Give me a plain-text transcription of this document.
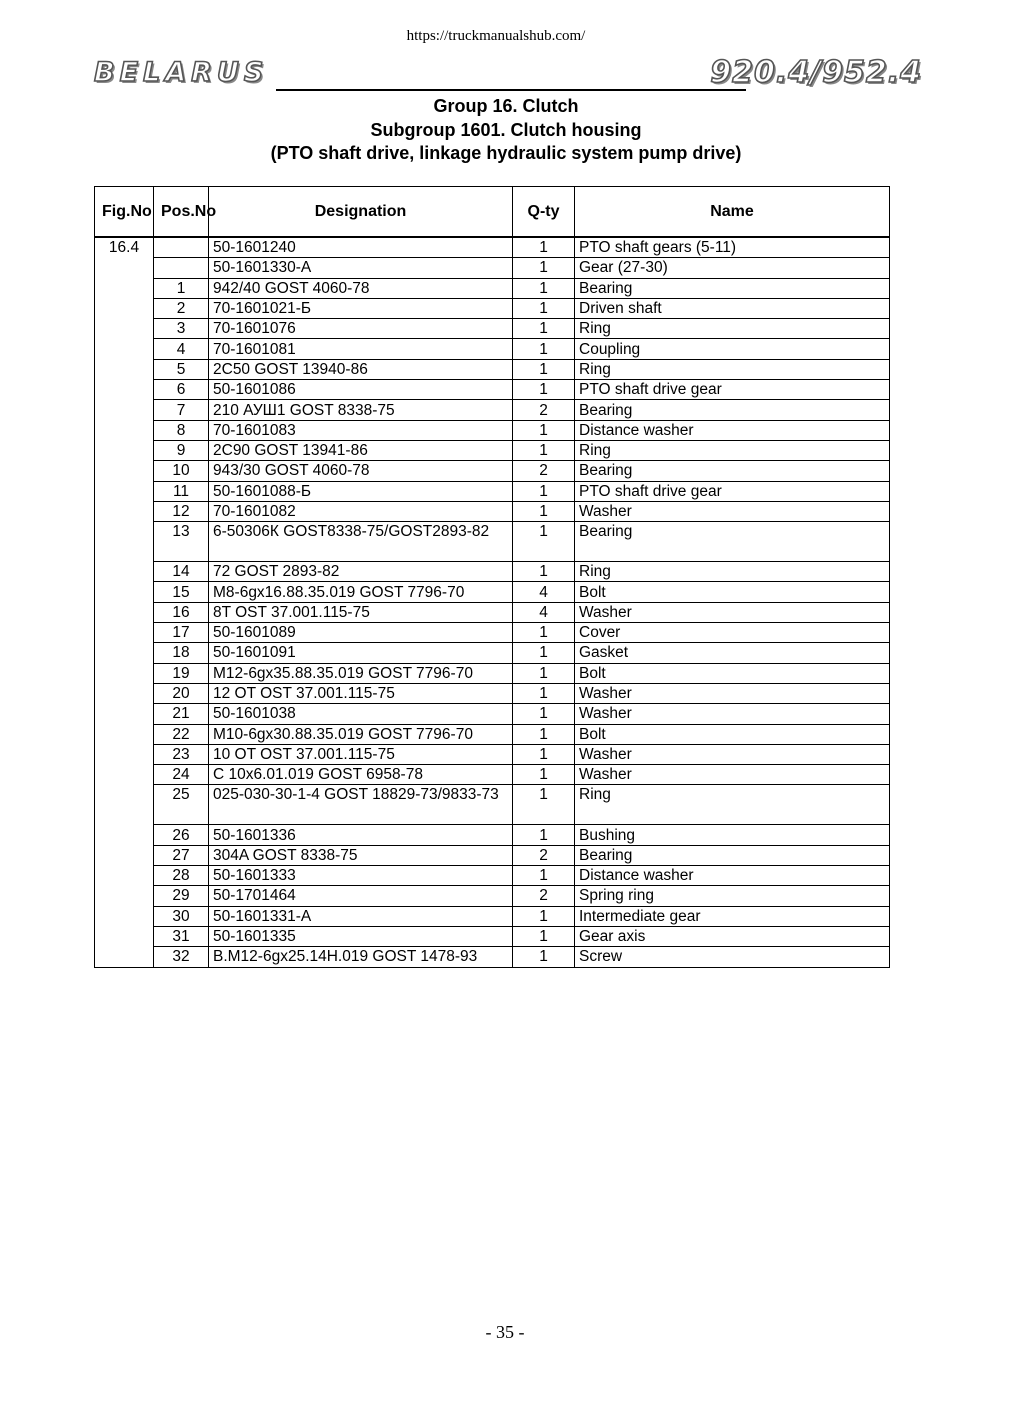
https://truckmanualshub.com/
BELARUS	920.4/952.4
Group 16. Clutch
Subgroup 1601. Clutch housing
(PTO shaft drive, linkage hydraulic system pump drive)
Fig.No	Pos.No	Designation	Q-ty	Name
16.4		50-1601240	1	PTO shaft gears (5-11)
		50-1601330-A	1	Gear (27-30)
	1	942/40 GOST 4060-78	1	Bearing
	2	70-1601021-Б	1	Driven shaft
	3	70-1601076	1	Ring
	4	70-1601081	1	Coupling
	5	2C50 GOST 13940-86	1	Ring
	6	50-1601086	1	PTO shaft drive gear
	7	210 АУШ1 GOST 8338-75	2	Bearing
	8	70-1601083	1	Distance washer
	9	2C90 GOST 13941-86	1	Ring
	10	943/30 GOST 4060-78	2	Bearing
	11	50-1601088-Б	1	PTO shaft drive gear
	12	70-1601082	1	Washer
	13	6-50306К GOST8338-75/GOST2893-82	1	Bearing
	14	72 GOST 2893-82	1	Ring
	15	M8-6gx16.88.35.019 GOST 7796-70	4	Bolt
	16	8T OST 37.001.115-75	4	Washer
	17	50-1601089	1	Cover
	18	50-1601091	1	Gasket
	19	M12-6gx35.88.35.019 GOST 7796-70	1	Bolt
	20	12 OT OST 37.001.115-75	1	Washer
	21	50-1601038	1	Washer
	22	M10-6gx30.88.35.019 GOST 7796-70	1	Bolt
	23	10 OT OST 37.001.115-75	1	Washer
	24	C 10x6.01.019 GOST 6958-78	1	Washer
	25	025-030-30-1-4 GOST 18829-73/9833-73	1	Ring
	26	50-1601336	1	Bushing
	27	304A GOST 8338-75	2	Bearing
	28	50-1601333	1	Distance washer
	29	50-1701464	2	Spring ring
	30	50-1601331-A	1	Intermediate gear
	31	50-1601335	1	Gear axis
	32	B.M12-6gx25.14H.019 GOST 1478-93	1	Screw
- 35 -
